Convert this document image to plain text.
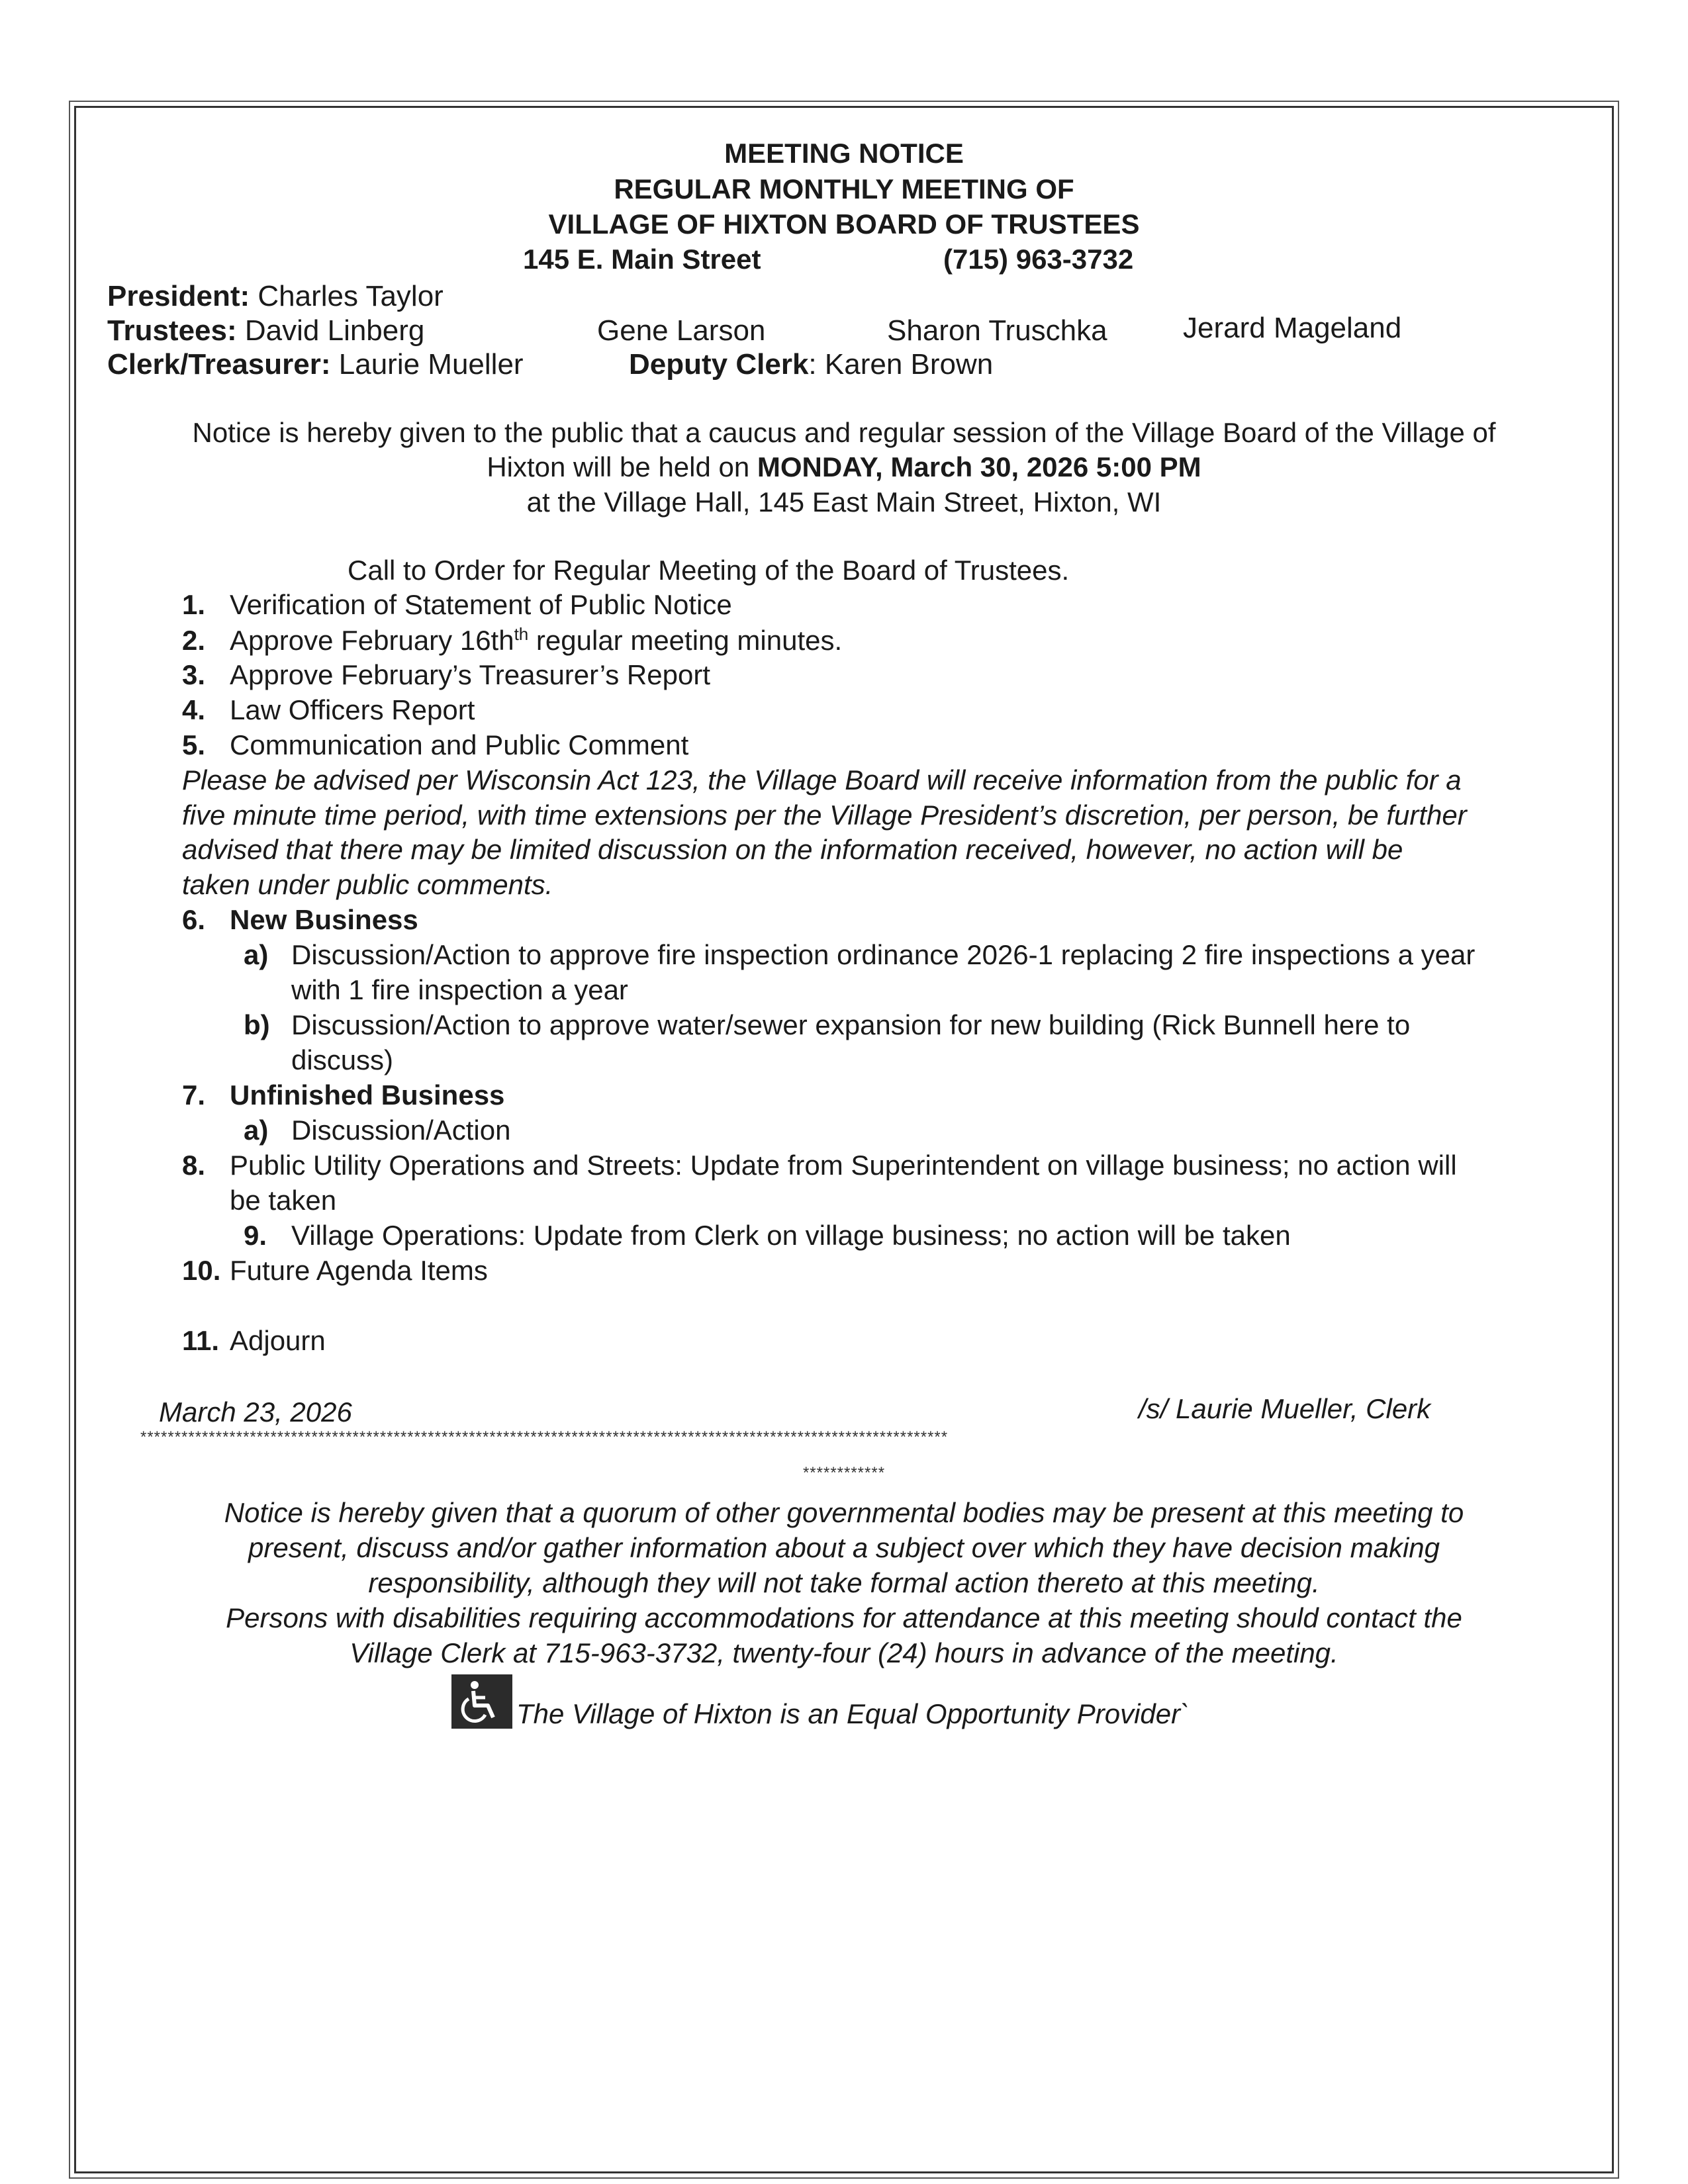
MEETING NOTICE
REGULAR MONTHLY MEETING OF
VILLAGE OF HIXTON BOARD OF TRUSTEES
145 E. Main Street	(715) 963-3732
President: Charles Taylor
Trustees: David Linberg	Gene Larson	Sharon Truschka	Jerard Mageland
Clerk/Treasurer: Laurie Mueller	Deputy Clerk: Karen Brown
Notice is hereby given to the public that a caucus and regular session of the Village Board of the Village of
Hixton will be held on MONDAY, March 30, 2026 5:00 PM
at the Village Hall, 145 East Main Street, Hixton, WI
Call to Order for Regular Meeting of the Board of Trustees.
1. Verification of Statement of Public Notice
2. Approve February $16th^{th}$ regular meeting minutes.
3. Approve February’s Treasurer’s Report
4. Law Officers Report
5. Communication and Public Comment
Please be advised per Wisconsin Act 123, the Village Board will receive information from the public for a
five minute time period, with time extensions per the Village President’s discretion, per person, be further
advised that there may be limited discussion on the information received, however, no action will be
taken under public comments.
6. New Business
a) Discussion/Action to approve fire inspection ordinance 2026-1 replacing 2 fire inspections a year
with 1 fire inspection a year
b) Discussion/Action to approve water/sewer expansion for new building (Rick Bunnell here to
discuss)
7. Unfinished Business
a) Discussion/Action
8. Public Utility Operations and Streets: Update from Superintendent on village business; no action will
be taken
9. Village Operations: Update from Clerk on village business; no action will be taken
10. Future Agenda Items
11. Adjourn
March 23, 2026	/s/ Laurie Mueller, Clerk
**********************************************************************************************************************
************
Notice is hereby given that a quorum of other governmental bodies may be present at this meeting to
present, discuss and/or gather information about a subject over which they have decision making
responsibility, although they will not take formal action thereto at this meeting.
Persons with disabilities requiring accommodations for attendance at this meeting should contact the
Village Clerk at 715-963-3732, twenty-four (24) hours in advance of the meeting.
The Village of Hixton is an Equal Opportunity Provider`
